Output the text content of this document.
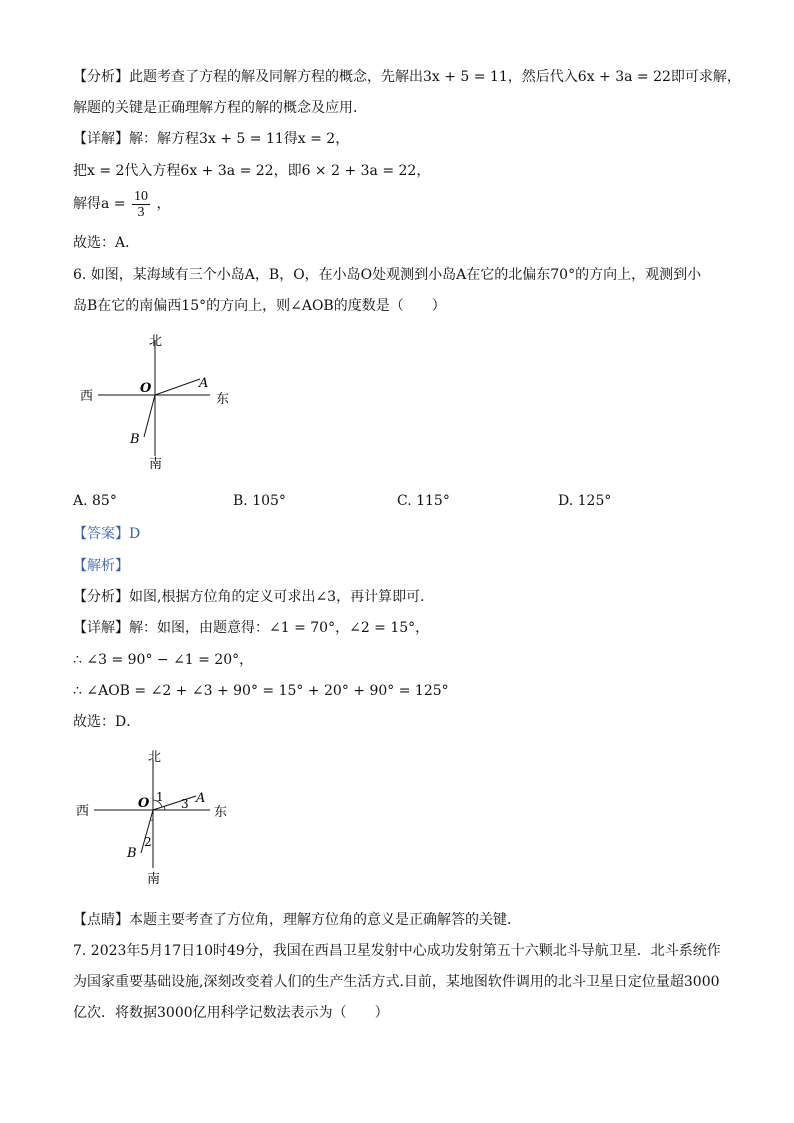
【分析】此题考查了方程的解及同解方程的概念，先解出3x + 5 = 11，然后代入6x + 3a = 22即可求解，
解题的关键是正确理解方程的解的概念及应用．
【详解】解：解方程3x + 5 = 11得x = 2，
把x = 2代入方程6x + 3a = 22，即6 × 2 + 3a = 22，
解得$a = \frac{10}{3}$ ，
故选：A．
6. 如图，某海域有三个小岛A，B，O，在小岛O处观测到小岛A在它的北偏东70°的方向上，观测到小
岛B在它的南偏西15°的方向上，则∠AOB的度数是（　　）
北
南
西	东
O	A
B
A. 85°	B. 105°	C. 115°	D. 125°
【答案】D
【解析】
【分析】如图,根据方位角的定义可求出∠3，再计算即可．
【详解】解：如图，由题意得：∠1 = 70°，∠2 = 15°，
∴ ∠3 = 90° − ∠1 = 20°，
∴ ∠AOB = ∠2 + ∠3 + 90° = 15° + 20° + 90° = 125°
故选：D．
北
南
西	东
O	A
B
1
2
3
【点睛】本题主要考查了方位角，理解方位角的意义是正确解答的关键．
7. 2023年5月17日10时49分，我国在西昌卫星发射中心成功发射第五十六颗北斗导航卫星．北斗系统作
为国家重要基础设施,深刻改变着人们的生产生活方式.目前，某地图软件调用的北斗卫星日定位量超3000
亿次．将数据3000亿用科学记数法表示为（　　）
